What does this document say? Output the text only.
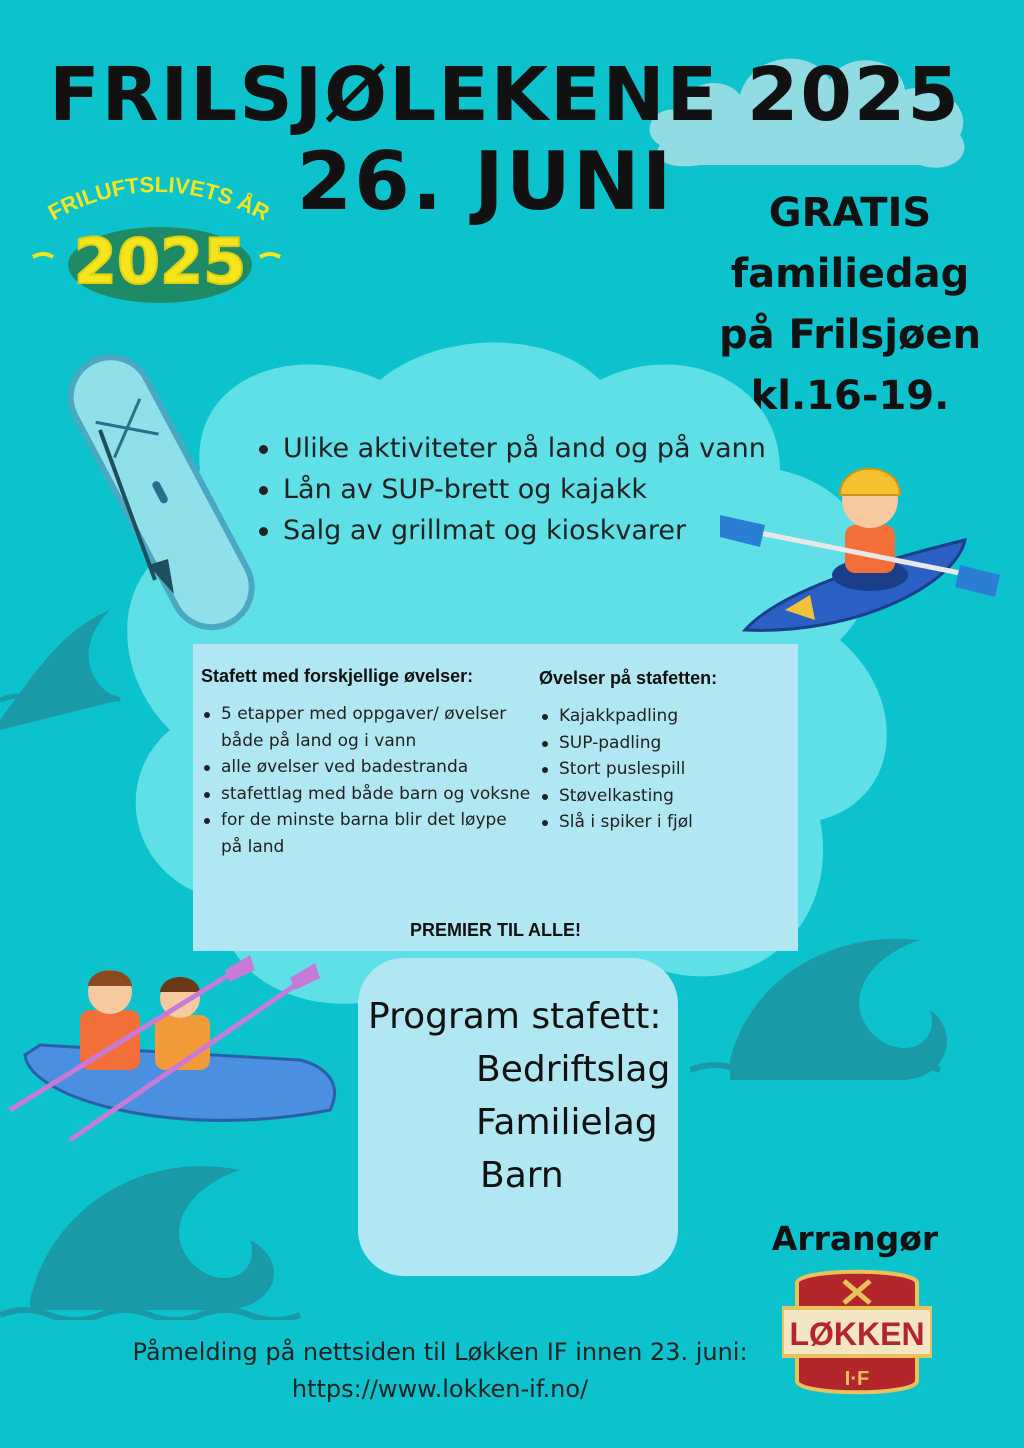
FRILSJØLEKENE 2025
26. JUNI
FRILUFTSLIVETS ÅR
2025
GRATIS
familiedag
på Frilsjøen
kl.16-19.
Ulike aktiviteter på land og på vann
Lån av SUP-brett og kajakk
Salg av grillmat og kioskvarer
Stafett med forskjellige øvelser:
5 etapper med oppgaver/ øvelser både på land og i vann
alle øvelser ved badestranda
stafettlag med både barn og voksne
for de minste barna blir det løype på land
Øvelser på stafetten:
Kajakkpadling
SUP-padling
Stort puslespill
Støvelkasting
Slå i spiker i fjøl
PREMIER TIL ALLE!
Program stafett:
Bedriftslag
Familielag
Barn
Arrangør
LØKKEN
I·F
Påmelding på nettsiden til Løkken IF innen 23. juni:
https://www.lokken-if.no/
